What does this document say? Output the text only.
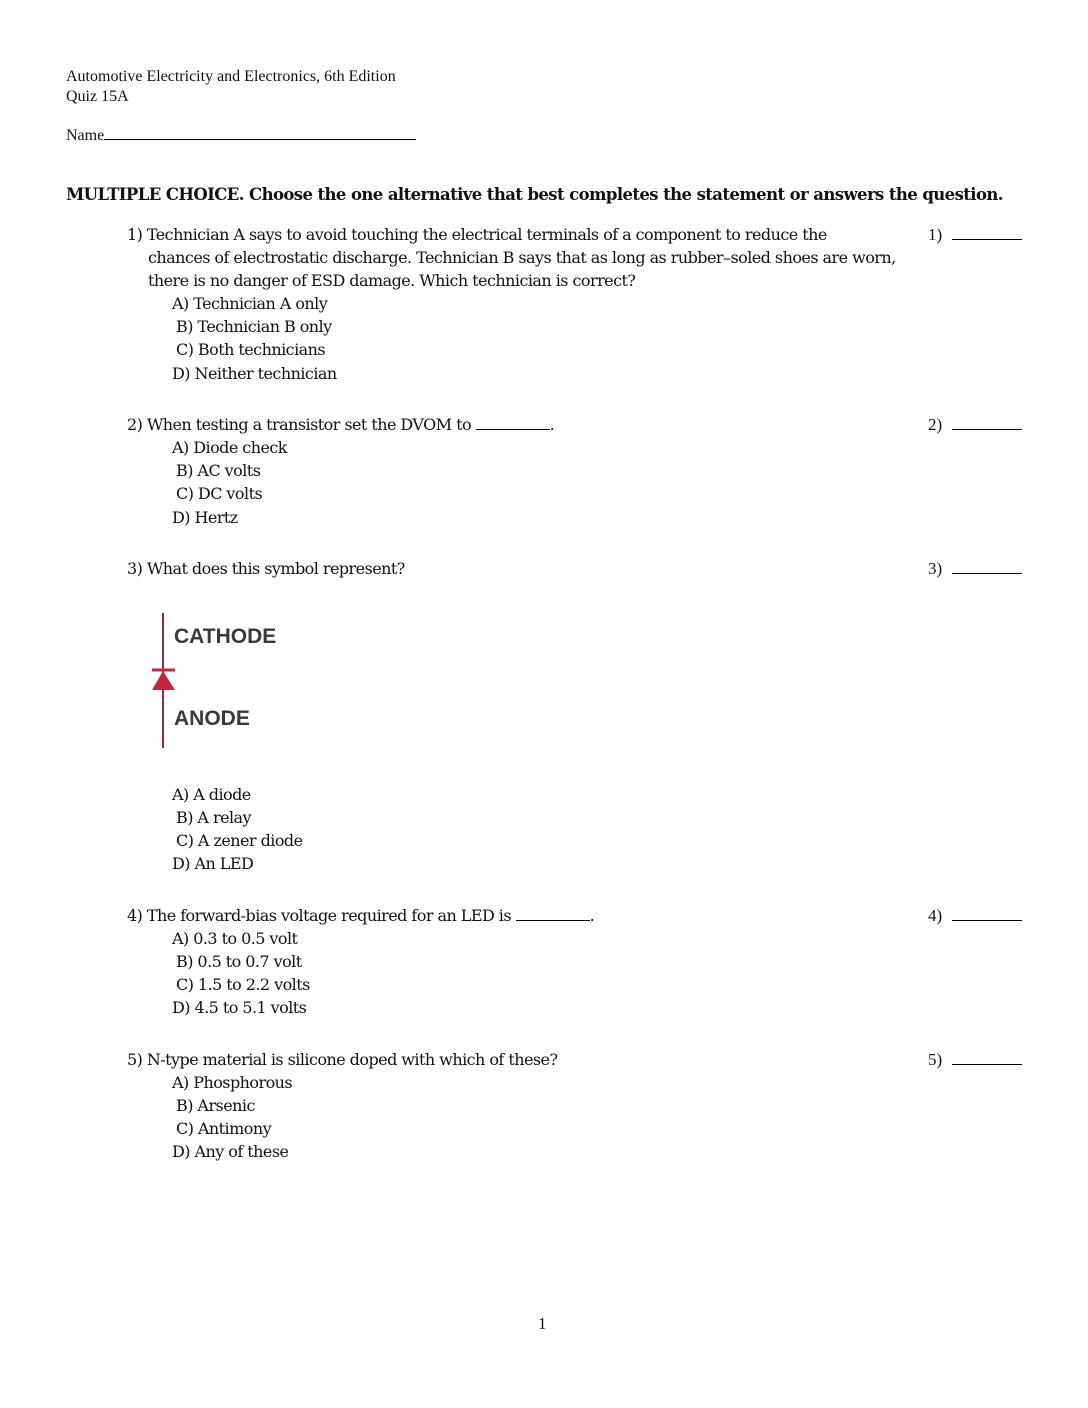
Automotive Electricity and Electronics, 6th Edition
Quiz 15A
Name
MULTIPLE CHOICE. Choose the one alternative that best completes the statement or answers the question.
1) Technician A says to avoid touching the electrical terminals of a component to reduce the
chances of electrostatic discharge. Technician B says that as long as rubber–soled shoes are worn,
there is no danger of ESD damage. Which technician is correct?
A) Technician A only
B) Technician B only
C) Both technicians
D) Neither technician
1)
2) When testing a transistor set the DVOM to	.
A) Diode check
B) AC volts
C) DC volts
D) Hertz
2)
3) What does this symbol represent?	3)
CATHODE
ANODE
A) A diode
B) A relay
C) A zener diode
D) An LED
4) The forward-bias voltage required for an LED is	.
A) 0.3 to 0.5 volt
B) 0.5 to 0.7 volt
C) 1.5 to 2.2 volts
D) 4.5 to 5.1 volts
4)
5) N-type material is silicone doped with which of these?
A) Phosphorous
B) Arsenic
C) Antimony
D) Any of these
5)
1
